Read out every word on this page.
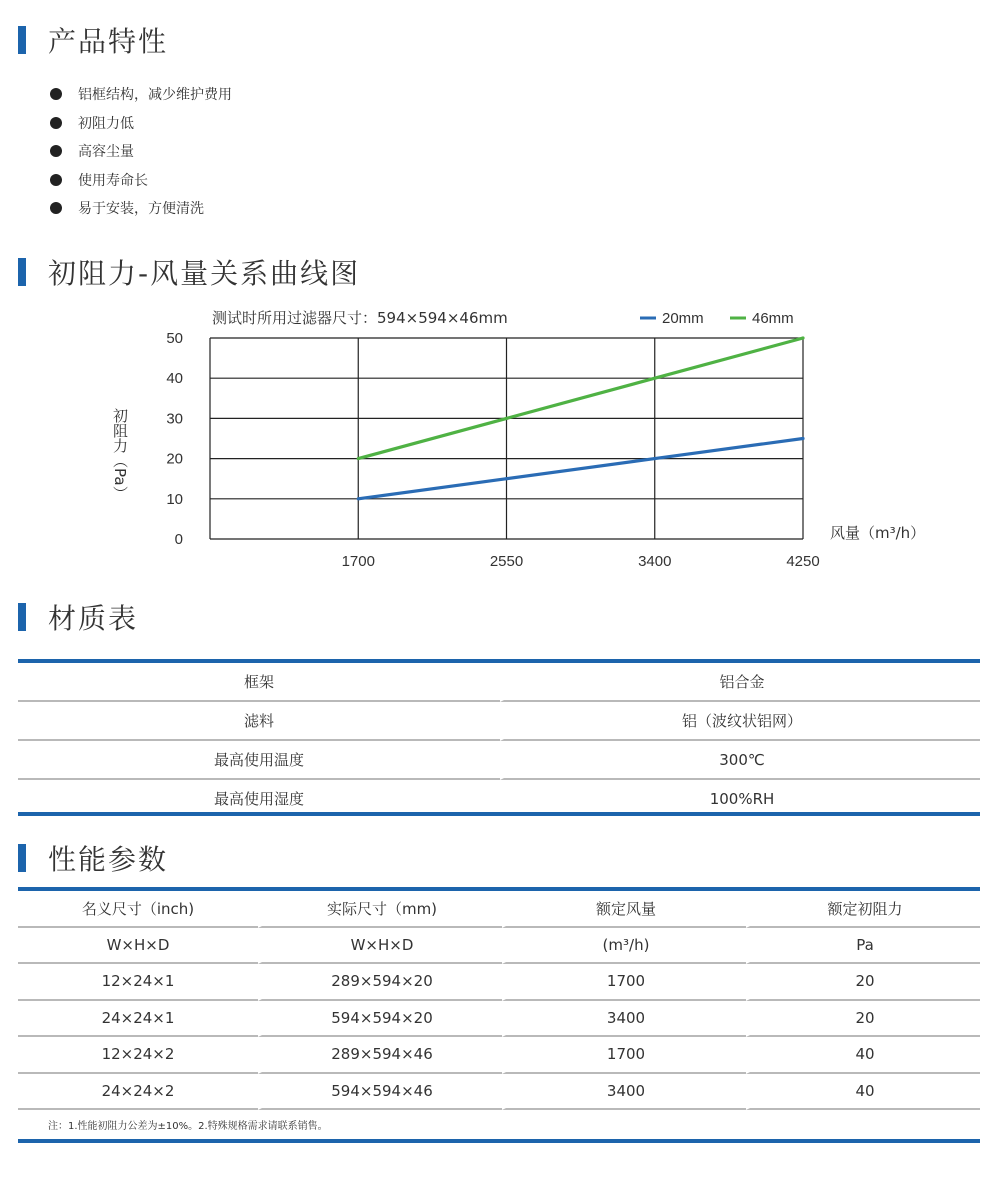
产品特性
铝框结构，减少维护费用
初阻力低
高容尘量
使用寿命长
易于安装，方便清洗
初阻力-风量关系曲线图
0
10
20
30
40
50
1700	2550	3400	4250
测试时所用过滤器尺寸：594×594×46mm	20mm	46mm
风量（m³/h）
初阻力（Pa）
材质表
框架	铝合金
滤料	铝（波纹状铝网）
最高使用温度	300℃
最高使用湿度	100%RH
性能参数
名义尺寸（inch)	实际尺寸（mm)	额定风量	额定初阻力
W×H×D	W×H×D	(m³/h)	Pa
12×24×1	289×594×20	1700	20
24×24×1	594×594×20	3400	20
12×24×2	289×594×46	1700	40
24×24×2	594×594×46	3400	40
注：1.性能初阻力公差为±10%。2.特殊规格需求请联系销售。
